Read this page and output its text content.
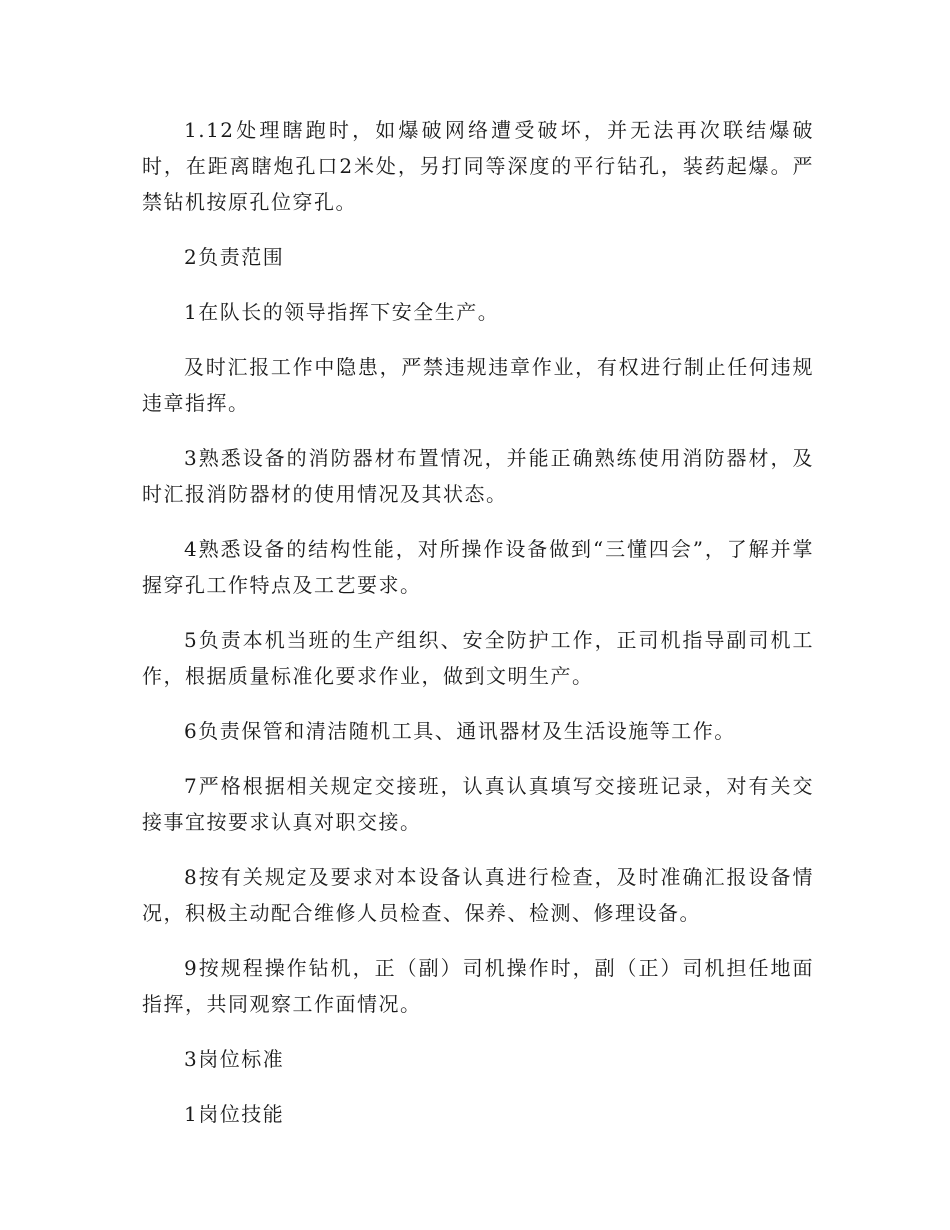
1.12处理瞎跑时，如爆破网络遭受破坏，并无法再次联结爆破时，在距离瞎炮孔口2米处，另打同等深度的平行钻孔，装药起爆。严禁钻机按原孔位穿孔。

2负责范围

1在队长的领导指挥下安全生产。

及时汇报工作中隐患，严禁违规违章作业，有权进行制止任何违规违章指挥。

3熟悉设备的消防器材布置情况，并能正确熟练使用消防器材，及时汇报消防器材的使用情况及其状态。

4熟悉设备的结构性能，对所操作设备做到“三懂四会”，了解并掌握穿孔工作特点及工艺要求。

5负责本机当班的生产组织、安全防护工作，正司机指导副司机工作，根据质量标准化要求作业，做到文明生产。

6负责保管和清洁随机工具、通讯器材及生活设施等工作。

7严格根据相关规定交接班，认真认真填写交接班记录，对有关交接事宜按要求认真对职交接。

8按有关规定及要求对本设备认真进行检查，及时准确汇报设备情况，积极主动配合维修人员检查、保养、检测、修理设备。

9按规程操作钻机，正（副）司机操作时，副（正）司机担任地面指挥，共同观察工作面情况。

3岗位标准

1岗位技能
